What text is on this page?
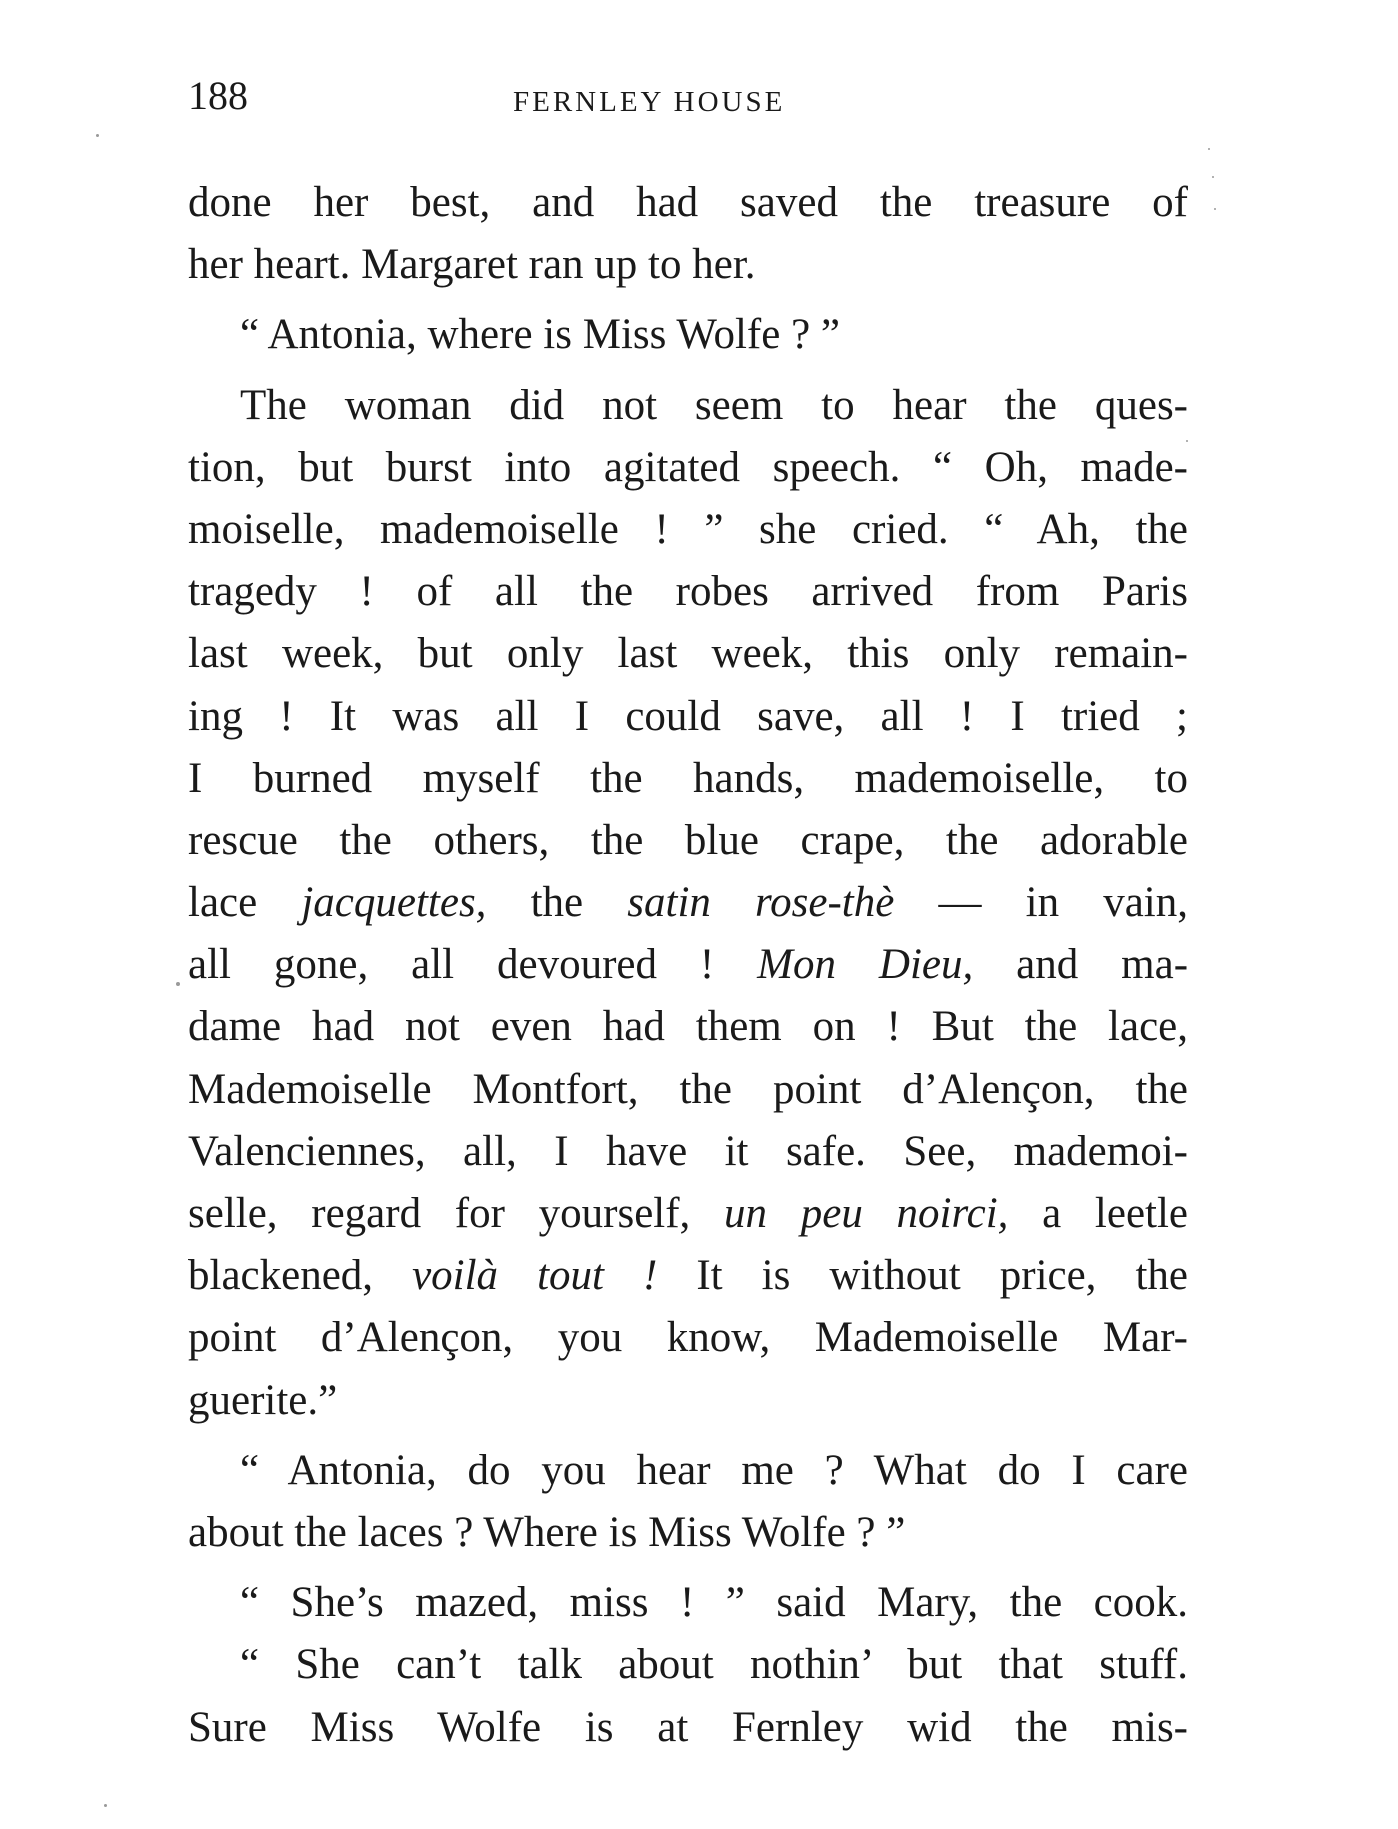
188	FERNLEY HOUSE
done her best, and had saved the treasure of
her heart. Margaret ran up to her.
“ Antonia, where is Miss Wolfe ? ”
The woman did not seem to hear the ques-
tion, but burst into agitated speech. “ Oh, made-
moiselle, mademoiselle ! ” she cried. “ Ah, the
tragedy ! of all the robes arrived from Paris
last week, but only last week, this only remain-
ing ! It was all I could save, all ! I tried ;
I burned myself the hands, mademoiselle, to
rescue the others, the blue crape, the adorable
lace jacquettes, the satin rose-thè — in vain,
all gone, all devoured ! Mon Dieu, and ma-
dame had not even had them on ! But the lace,
Mademoiselle Montfort, the point d’Alençon, the
Valenciennes, all, I have it safe. See, mademoi-
selle, regard for yourself, un peu noirci, a leetle
blackened, voilà tout ! It is without price, the
point d’Alençon, you know, Mademoiselle Mar-
guerite.”
“ Antonia, do you hear me ? What do I care
about the laces ? Where is Miss Wolfe ? ”
“ She’s mazed, miss ! ” said Mary, the cook.
“ She can’t talk about nothin’ but that stuff.
Sure Miss Wolfe is at Fernley wid the mis-
